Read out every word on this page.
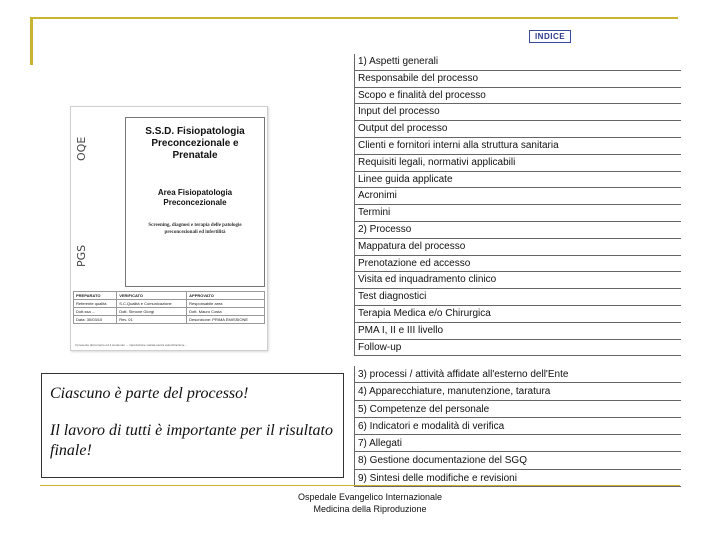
OQE
PGS
S.S.D. Fisiopatologia
Preconcezionale e
Prenatale
Area Fisiopatologia
Preconcezionale
Screening, diagnosi e terapia delle patologie
preconcezionali ed infertilità
PREPARATO	VERIFICATO	APPROVATO
Referente qualità	S.C.Qualità e Comunicazione	Responsabile area
Dott.ssa ...	Dott. Simone Giorgi	Dott. Mauro Costa
Data: 30/03/10	Rev. 01	Descrizione: PRIMA EMISSIONE
Il presente documento ed il contenuto ... riproduzione vietata senza autorizzazione ...
INDICE
1) Aspetti generali
Responsabile del processo
Scopo e finalità del processo
Input del processo
Output del processo
Clienti e fornitori interni alla struttura sanitaria
Requisiti legali, normativi applicabili
Linee guida applicate
Acronimi
Termini
2) Processo
Mappatura del processo
Prenotazione ed accesso
Visita ed inquadramento clinico
Test diagnostici
Terapia Medica e/o Chirurgica
PMA I, II e III livello
Follow-up
3) processi / attività affidate all'esterno dell'Ente
4) Apparecchiature, manutenzione, taratura
5) Competenze del personale
6) Indicatori e modalità di verifica
7) Allegati
8) Gestione documentazione del SGQ
9) Sintesi delle modifiche e revisioni
Ciascuno è parte del processo!
Il lavoro di tutti è importante per il risultato finale!
Ospedale Evangelico Internazionale
Medicina della Riproduzione
